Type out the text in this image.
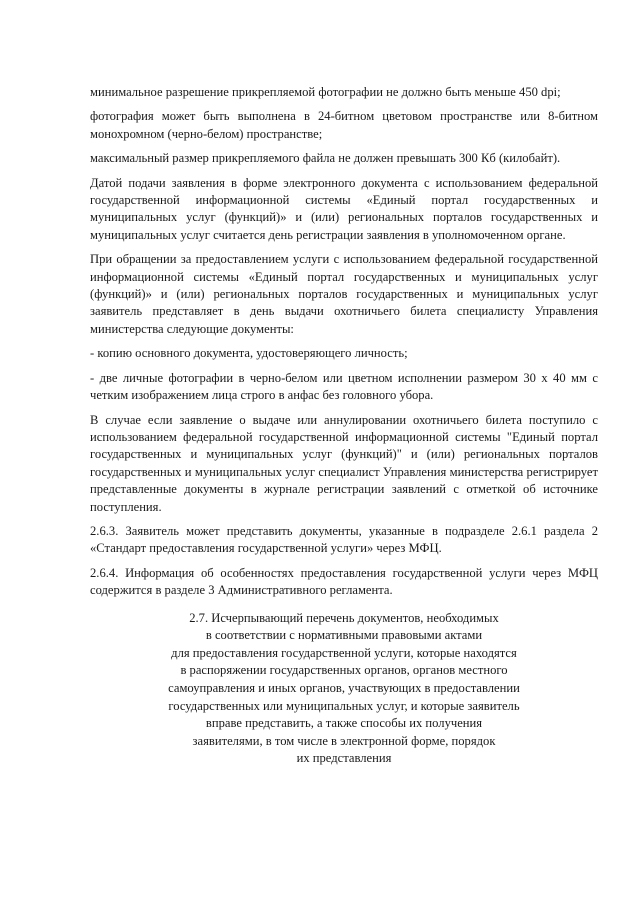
минимальное разрешение прикрепляемой фотографии не должно быть меньше 450 dpi;

фотография может быть выполнена в 24-битном цветовом пространстве или 8-битном монохромном (черно-белом) пространстве;

максимальный размер прикрепляемого файла не должен превышать 300 Кб (килобайт).

Датой подачи заявления в форме электронного документа с использованием федеральной государственной информационной системы «Единый портал государственных и муниципальных услуг (функций)» и (или) региональных порталов государственных и муниципальных услуг считается день регистрации заявления в уполномоченном органе.

При обращении за предоставлением услуги с использованием федеральной государственной информационной системы «Единый портал государственных и муниципальных услуг (функций)» и (или) региональных порталов государственных и муниципальных услуг заявитель представляет в день выдачи охотничьего билета специалисту Управления министерства следующие документы:

- копию основного документа, удостоверяющего личность;

- две личные фотографии в черно-белом или цветном исполнении размером 30 х 40 мм с четким изображением лица строго в анфас без головного убора.

В случае если заявление о выдаче или аннулировании охотничьего билета поступило с использованием федеральной государственной информационной системы "Единый портал государственных и муниципальных услуг (функций)" и (или) региональных порталов государственных и муниципальных услуг специалист Управления министерства регистрирует представленные документы в журнале регистрации заявлений с отметкой об источнике поступления.

2.6.3. Заявитель может представить документы, указанные в подразделе 2.6.1 раздела 2 «Стандарт предоставления государственной услуги» через МФЦ.

2.6.4. Информация об особенностях предоставления государственной услуги через МФЦ содержится в разделе 3 Административного регламента.

2.7. Исчерпывающий перечень документов, необходимых
в соответствии с нормативными правовыми актами
для предоставления государственной услуги, которые находятся
в распоряжении государственных органов, органов местного
самоуправления и иных органов, участвующих в предоставлении
государственных или муниципальных услуг, и которые заявитель
вправе представить, а также способы их получения
заявителями, в том числе в электронной форме, порядок
их представления
